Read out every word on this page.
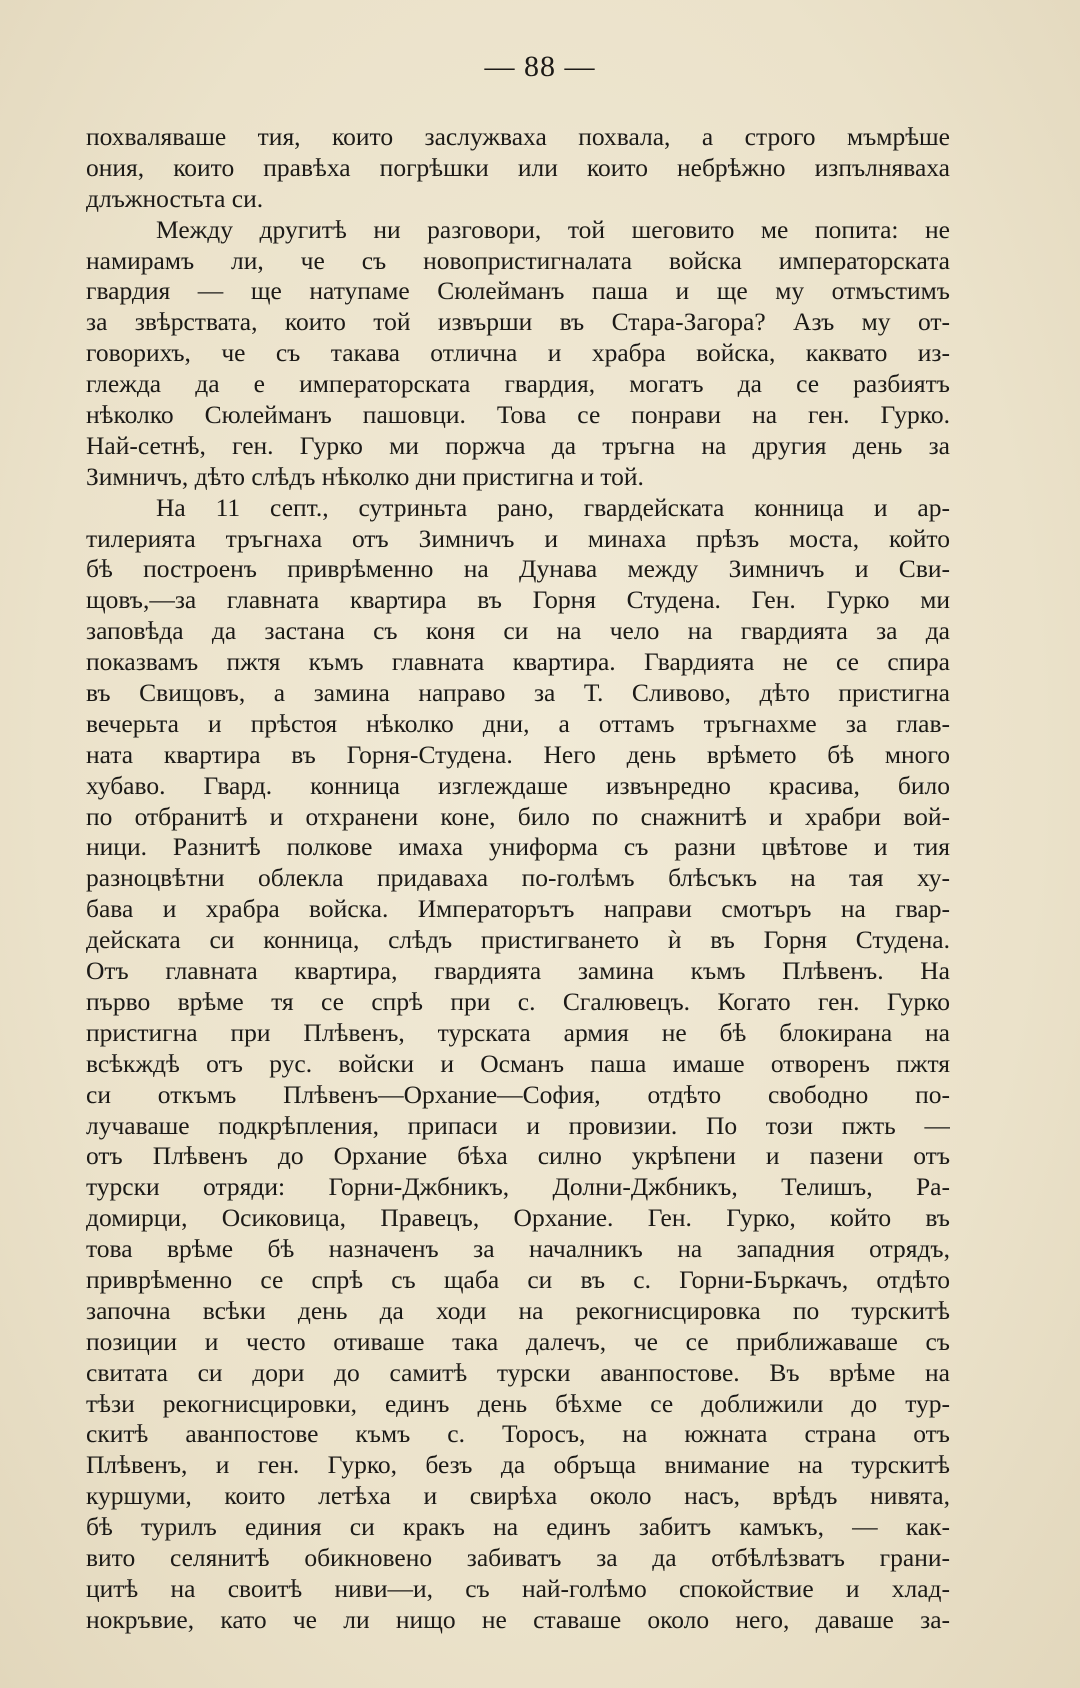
— 88 —
похваляваше тия, които заслужваха похвала, а строго мъмрѣше
ония, които правѣха погрѣшки или които небрѣжно изпълняваха
длъжностьта си.
Между другитѣ ни разговори, той шеговито ме попита: не
намирамъ ли, че съ новопристигналата войска императорската
гвардия — ще натупаме Сюлейманъ паша и ще му отмъстимъ
за звѣрствата, които той извърши въ Стара-Загора? Азъ му от-
говорихъ, че съ такава отлична и храбра войска, каквато из-
глежда да е императорската гвардия, могатъ да се разбиятъ
нѣколко Сюлейманъ пашовци. Това се понрави на ген. Гурко.
Най-сетнѣ, ген. Гурко ми поржча да тръгна на другия день за
Зимничъ, дѣто слѣдъ нѣколко дни пристигна и той.
На 11 септ., сутриньта рано, гвардейската конница и ар-
тилерията тръгнаха отъ Зимничъ и минаха прѣзъ моста, който
бѣ построенъ приврѣменно на Дунава между Зимничъ и Сви-
щовъ,—за главната квартира въ Горня Студена. Ген. Гурко ми
заповѣда да застана съ коня си на чело на гвардията за да
показвамъ пжтя къмъ главната квартира. Гвардията не се спира
въ Свищовъ, а замина направо за Т. Сливово, дѣто пристигна
вечерьта и прѣстоя нѣколко дни, а оттамъ тръгнахме за глав-
ната квартира въ Горня-Студена. Него день врѣмето бѣ много
хубаво. Гвард. конница изглеждаше извънредно красива, било
по отбранитѣ и отхранени коне, било по снажнитѣ и храбри вой-
ници. Разнитѣ полкове имаха униформа съ разни цвѣтове и тия
разноцвѣтни облекла придаваха по-голѣмъ блѣсъкъ на тая ху-
бава и храбра войска. Императорътъ направи смотъръ на гвар-
дейската си конница, слѣдъ пристигването ѝ въ Горня Студена.
Отъ главната квартира, гвардията замина къмъ Плѣвенъ. На
първо врѣме тя се спрѣ при с. Сгалювецъ. Когато ген. Гурко
пристигна при Плѣвенъ, турската армия не бѣ блокирана на
всѣкждѣ отъ рус. войски и Османъ паша имаше отворенъ пжтя
си откъмъ Плѣвенъ—Орхание—София, отдѣто свободно по-
лучаваше подкрѣпления, припаси и провизии. По този пжть —
отъ Плѣвенъ до Орхание бѣха силно укрѣпени и пазени отъ
турски отряди: Горни-Джбникъ, Долни-Джбникъ, Телишъ, Ра-
домирци, Осиковица, Правецъ, Орхание. Ген. Гурко, който въ
това врѣме бѣ назначенъ за началникъ на западния отрядъ,
приврѣменно се спрѣ съ щаба си въ с. Горни-Бъркачъ, отдѣто
започна всѣки день да ходи на рекогнисцировка по турскитѣ
позиции и често отиваше така далечъ, че се приближаваше съ
свитата си дори до самитѣ турски аванпостове. Въ врѣме на
тѣзи рекогнисцировки, единъ день бѣхме се доближили до тур-
скитѣ аванпостове къмъ с. Торосъ, на южната страна отъ
Плѣвенъ, и ген. Гурко, безъ да обръща внимание на турскитѣ
куршуми, които летѣха и свирѣха около насъ, врѣдъ нивята,
бѣ турилъ единия си кракъ на единъ забитъ камъкъ, — как-
вито селянитѣ обикновено забиватъ за да отбѣлѣзватъ грани-
цитѣ на своитѣ ниви—и, съ най-голѣмо спокойствие и хлад-
нокръвие, като че ли нищо не ставаше около него, даваше за-
